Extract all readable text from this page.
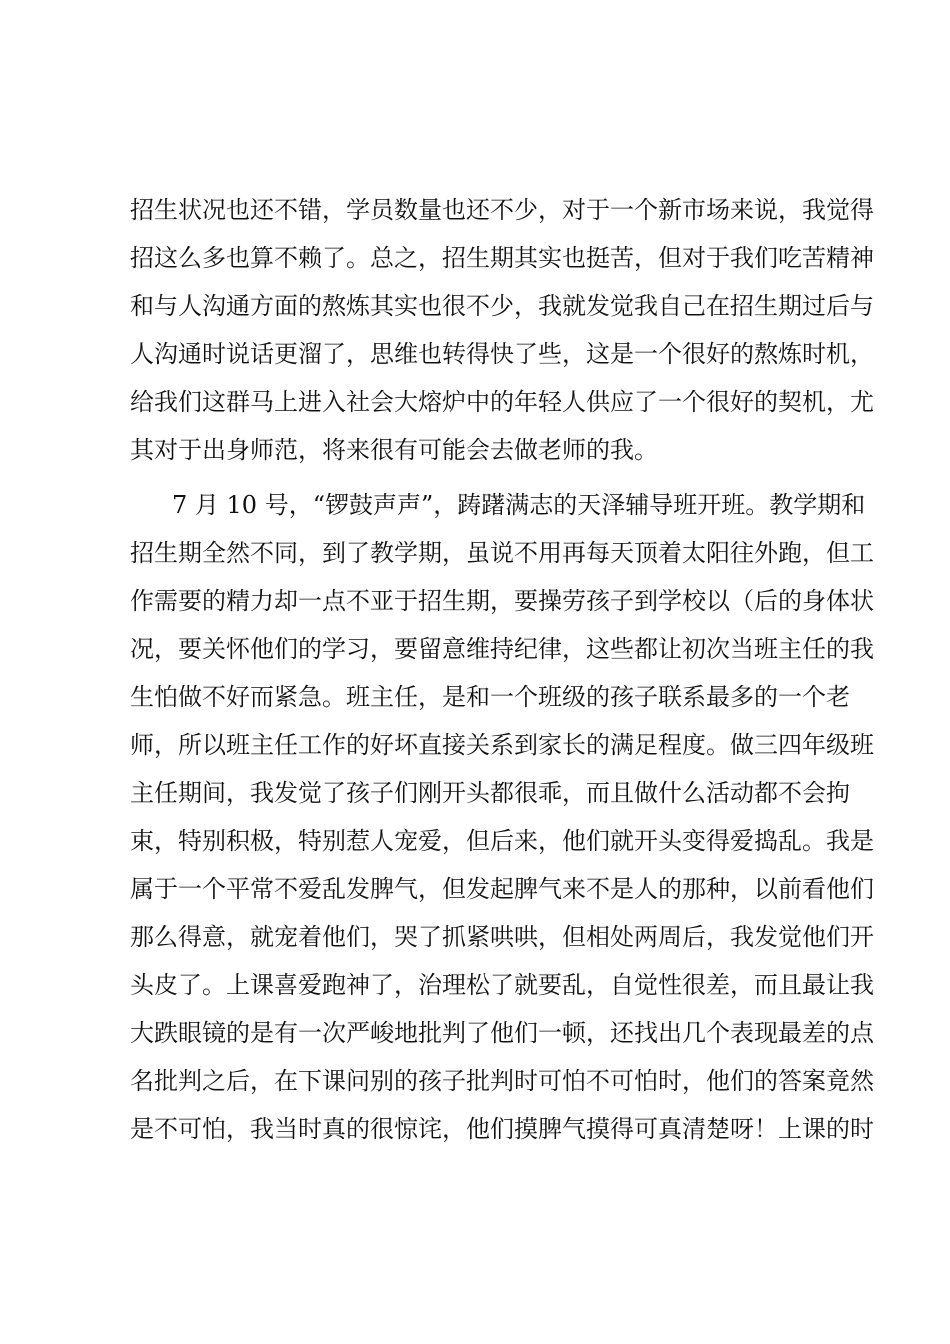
招生状况也还不错，学员数量也还不少，对于一个新市场来说，我觉得
招这么多也算不赖了。总之，招生期其实也挺苦，但对于我们吃苦精神
和与人沟通方面的熬炼其实也很不少，我就发觉我自己在招生期过后与
人沟通时说话更溜了，思维也转得快了些，这是一个很好的熬炼时机，
给我们这群马上进入社会大熔炉中的年轻人供应了一个很好的契机，尤
其对于出身师范，将来很有可能会去做老师的我。
7 月 10 号，“锣鼓声声”，踌躇满志的天泽辅导班开班。教学期和
招生期全然不同，到了教学期，虽说不用再每天顶着太阳往外跑，但工
作需要的精力却一点不亚于招生期，要操劳孩子到学校以（后的身体状
况，要关怀他们的学习，要留意维持纪律，这些都让初次当班主任的我
生怕做不好而紧急。班主任，是和一个班级的孩子联系最多的一个老
师，所以班主任工作的好坏直接关系到家长的满足程度。做三四年级班
主任期间，我发觉了孩子们刚开头都很乖，而且做什么活动都不会拘
束，特别积极，特别惹人宠爱，但后来，他们就开头变得爱捣乱。我是
属于一个平常不爱乱发脾气，但发起脾气来不是人的那种，以前看他们
那么得意，就宠着他们，哭了抓紧哄哄，但相处两周后，我发觉他们开
头皮了。上课喜爱跑神了，治理松了就要乱，自觉性很差，而且最让我
大跌眼镜的是有一次严峻地批判了他们一顿，还找出几个表现最差的点
名批判之后，在下课问别的孩子批判时可怕不可怕时，他们的答案竟然
是不可怕，我当时真的很惊诧，他们摸脾气摸得可真清楚呀！上课的时
